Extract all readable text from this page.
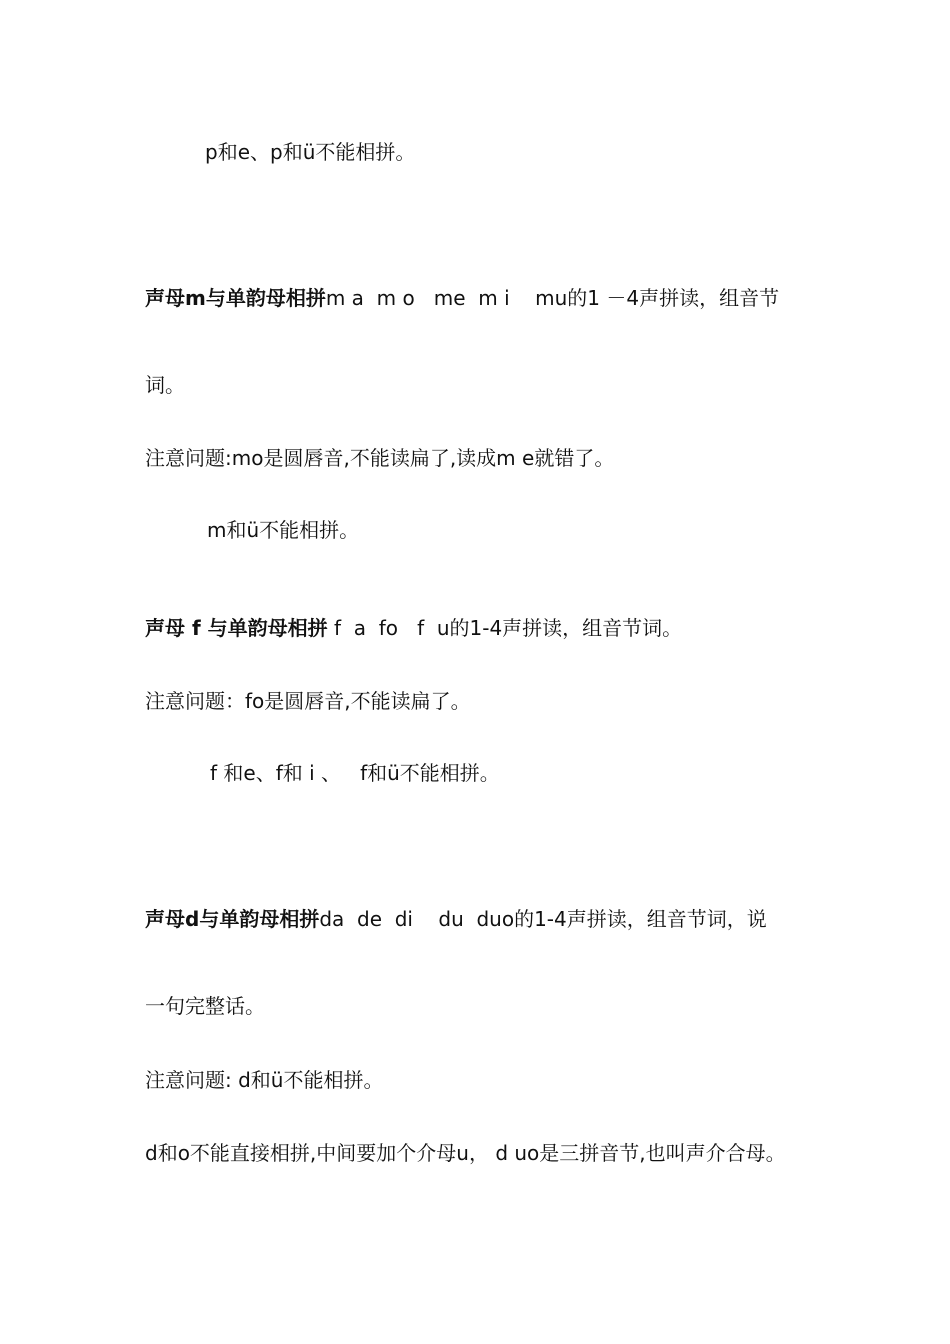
p和e、p和ü不能相拼。
声母m与单韵母相拼m a  m o   me  m i    mu的1 －4声拼读，组音节
词。
注意问题:mo是圆唇音,不能读扁了,读成m e就错了。
m和ü不能相拼。
声母 f 与单韵母相拼 f  a  fo   f  u的1-4声拼读，组音节词。
注意问题：fo是圆唇音,不能读扁了。
f 和e、f和 i 、   f和ü不能相拼。
声母d与单韵母相拼da  de  di    du  duo的1-4声拼读，组音节词，说
一句完整话。
注意问题: d和ü不能相拼。
d和o不能直接相拼,中间要加个介母u， d uo是三拼音节,也叫声介合母。
